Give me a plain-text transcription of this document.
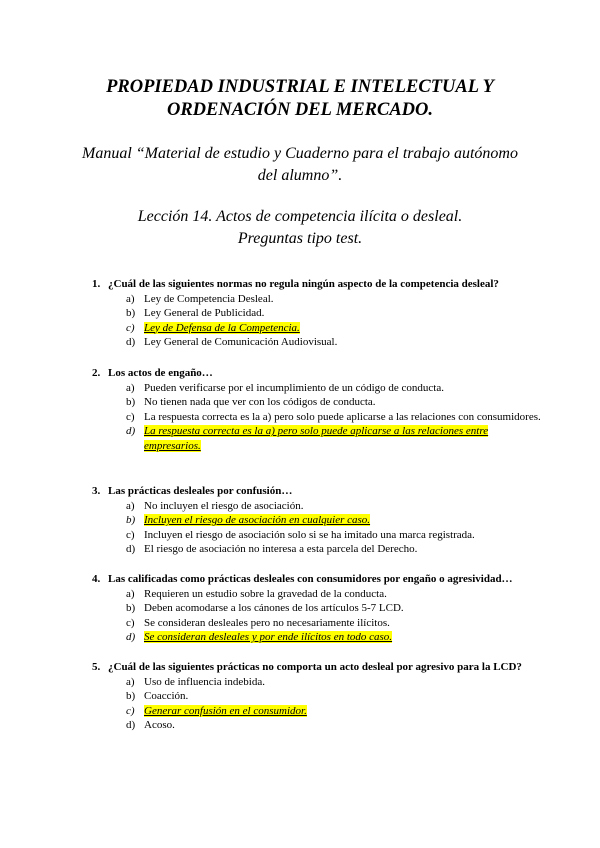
PROPIEDAD INDUSTRIAL E INTELECTUAL Y
ORDENACIÓN DEL MERCADO.
Manual “Material de estudio y Cuaderno para el trabajo autónomo
del alumno”.
Lección 14. Actos de competencia ilícita o desleal.
Preguntas tipo test.
1. ¿Cuál de las siguientes normas no regula ningún aspecto de la competencia desleal?
a) Ley de Competencia Desleal.
b) Ley General de Publicidad.
c) Ley de Defensa de la Competencia.
d) Ley General de Comunicación Audiovisual.
2. Los actos de engaño…
a) Pueden verificarse por el incumplimiento de un código de conducta.
b) No tienen nada que ver con los códigos de conducta.
c) La respuesta correcta es la a) pero solo puede aplicarse a las relaciones con consumidores.
d) La respuesta correcta es la a) pero solo puede aplicarse a las relaciones entre empresarios.
3. Las prácticas desleales por confusión…
a) No incluyen el riesgo de asociación.
b) Incluyen el riesgo de asociación en cualquier caso.
c) Incluyen el riesgo de asociación solo si se ha imitado una marca registrada.
d) El riesgo de asociación no interesa a esta parcela del Derecho.
4. Las calificadas como prácticas desleales con consumidores por engaño o agresividad…
a) Requieren un estudio sobre la gravedad de la conducta.
b) Deben acomodarse a los cánones de los artículos 5-7 LCD.
c) Se consideran desleales pero no necesariamente ilícitos.
d) Se consideran desleales y por ende ilícitos en todo caso.
5. ¿Cuál de las siguientes prácticas no comporta un acto desleal por agresivo para la LCD?
a) Uso de influencia indebida.
b) Coacción.
c) Generar confusión en el consumidor.
d) Acoso.
